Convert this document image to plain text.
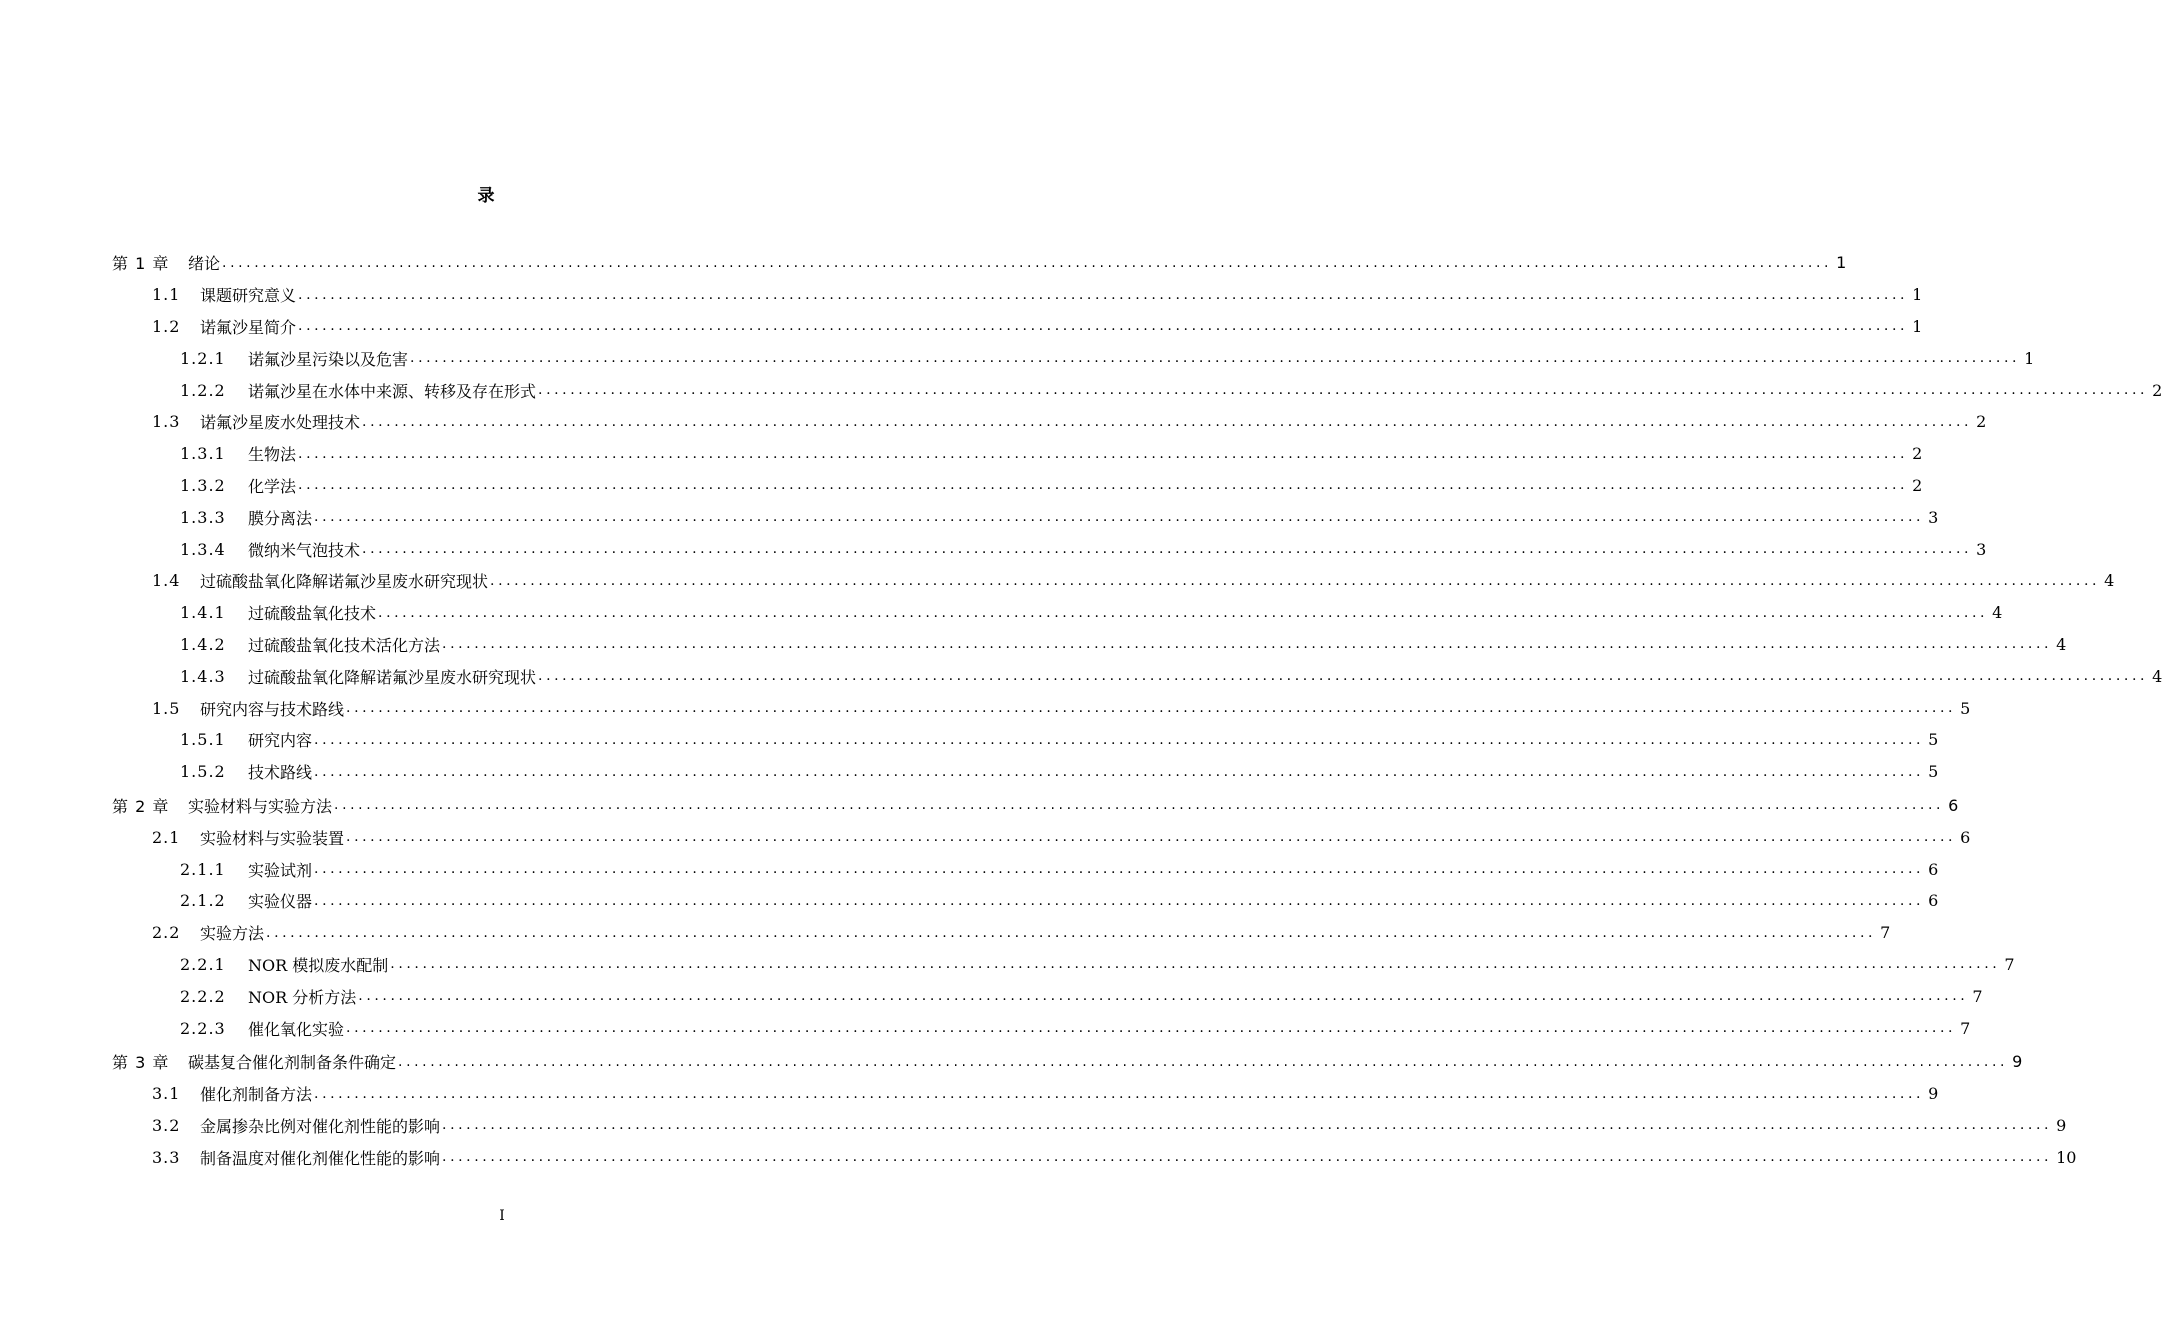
录
第 1 章 绪论 ........................................................................................................................................................................................................ 1
1.1 课题研究意义 ........................................................................................................................................................................................................ 1
1.2 诺氟沙星简介 ........................................................................................................................................................................................................ 1
1.2.1 诺氟沙星污染以及危害 ........................................................................................................................................................................................................ 1
1.2.2 诺氟沙星在水体中来源、转移及存在形式 ........................................................................................................................................................................................................ 2
1.3 诺氟沙星废水处理技术 ........................................................................................................................................................................................................ 2
1.3.1 生物法 ........................................................................................................................................................................................................ 2
1.3.2 化学法 ........................................................................................................................................................................................................ 2
1.3.3 膜分离法 ........................................................................................................................................................................................................ 3
1.3.4 微纳米气泡技术 ........................................................................................................................................................................................................ 3
1.4 过硫酸盐氧化降解诺氟沙星废水研究现状 ........................................................................................................................................................................................................ 4
1.4.1 过硫酸盐氧化技术 ........................................................................................................................................................................................................ 4
1.4.2 过硫酸盐氧化技术活化方法 ........................................................................................................................................................................................................ 4
1.4.3 过硫酸盐氧化降解诺氟沙星废水研究现状 ........................................................................................................................................................................................................ 4
1.5 研究内容与技术路线 ........................................................................................................................................................................................................ 5
1.5.1 研究内容 ........................................................................................................................................................................................................ 5
1.5.2 技术路线 ........................................................................................................................................................................................................ 5
第 2 章 实验材料与实验方法 ........................................................................................................................................................................................................ 6
2.1 实验材料与实验装置 ........................................................................................................................................................................................................ 6
2.1.1 实验试剂 ........................................................................................................................................................................................................ 6
2.1.2 实验仪器 ........................................................................................................................................................................................................ 6
2.2 实验方法 ........................................................................................................................................................................................................ 7
2.2.1 NOR 模拟废水配制 ........................................................................................................................................................................................................ 7
2.2.2 NOR 分析方法 ........................................................................................................................................................................................................ 7
2.2.3 催化氧化实验 ........................................................................................................................................................................................................ 7
第 3 章 碳基复合催化剂制备条件确定 ........................................................................................................................................................................................................ 9
3.1 催化剂制备方法 ........................................................................................................................................................................................................ 9
3.2 金属掺杂比例对催化剂性能的影响 ........................................................................................................................................................................................................ 9
3.3 制备温度对催化剂催化性能的影响 ........................................................................................................................................................................................................ 10
I
